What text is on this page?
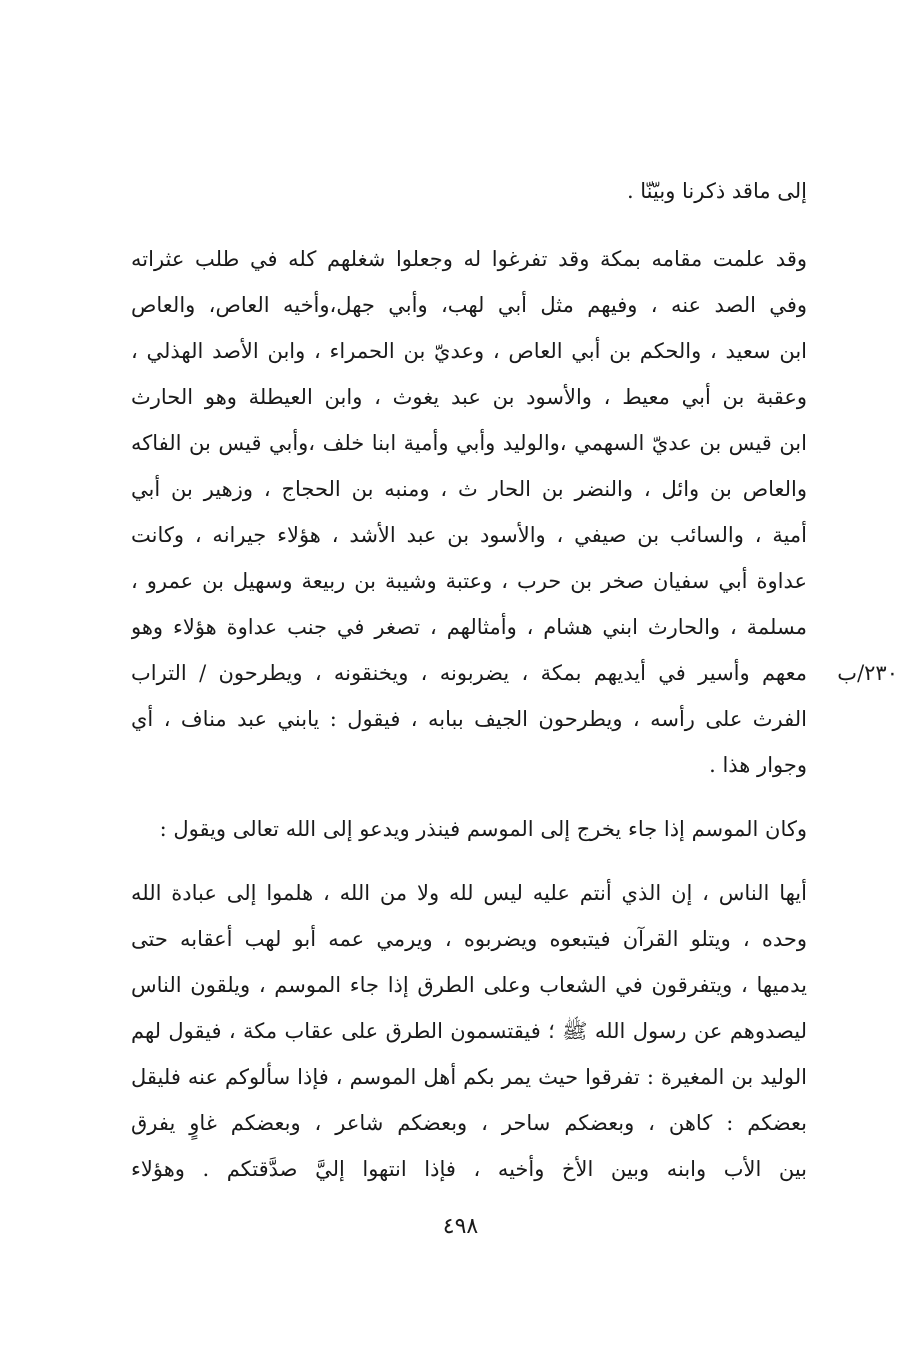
إلى ماقد ذكرنا وبيّنّا .
وقد علمت مقامه بمكة وقد تفرغوا له وجعلوا شغلهم كله في طلب عثراته
وفي الصد عنه ، وفيهم مثل أبي لهب، وأبي جهل،وأخيه العاص، والعاص
ابن سعيد ، والحكم بن أبي العاص ، وعديّ بن الحمراء ، وابن الأصد الهذلي ،
وعقبة بن أبي معيط ، والأسود بن عبد يغوث ، وابن العيطلة وهو الحارث
ابن قيس بن عديّ السهمي ،والوليد وأبي وأمية ابنا خلف ،وأبي قيس بن الفاكه
والعاص بن وائل ، والنضر بن الحار ث ، ومنبه بن الحجاج ، وزهير بن أبي
أمية ، والسائب بن صيفي ، والأسود بن عبد الأشد ، هؤلاء جيرانه ، وكانت
عداوة أبي سفيان صخر بن حرب ، وعتبة وشيبة بن ربيعة وسهيل بن عمرو ،
مسلمة ، والحارث ابني هشام ، وأمثالهم ، تصغر في جنب عداوة هؤلاء وهو
معهم وأسير في أيديهم بمكة ، يضربونه ، ويخنقونه ، ويطرحون / التراب
الفرث على رأسه ، ويطرحون الجيف ببابه ، فيقول : يابني عبد مناف ، أي
وجوار هذا .
٢٣٠/ب
وكان الموسم إذا جاء يخرج إلى الموسم فينذر ويدعو إلى الله تعالى ويقول :
أيها الناس ، إن الذي أنتم عليه ليس لله ولا من الله ، هلموا إلى عبادة الله
وحده ، ويتلو القرآن فيتبعوه ويضربوه ، ويرمي عمه أبو لهب أعقابه حتى
يدميها ، ويتفرقون في الشعاب وعلى الطرق إذا جاء الموسم ، ويلقون الناس
ليصدوهم عن رسول الله ﷺ ؛ فيقتسمون الطرق على عقاب مكة ، فيقول لهم
الوليد بن المغيرة : تفرقوا حيث يمر بكم أهل الموسم ، فإذا سألوكم عنه فليقل
بعضكم : كاهن ، وبعضكم ساحر ، وبعضكم شاعر ، وبعضكم غاوٍ يفرق
بين الأب وابنه وبين الأخ وأخيه ، فإذا انتهوا إليَّ صدَّقتكم . وهؤلاء
٤٩٨
